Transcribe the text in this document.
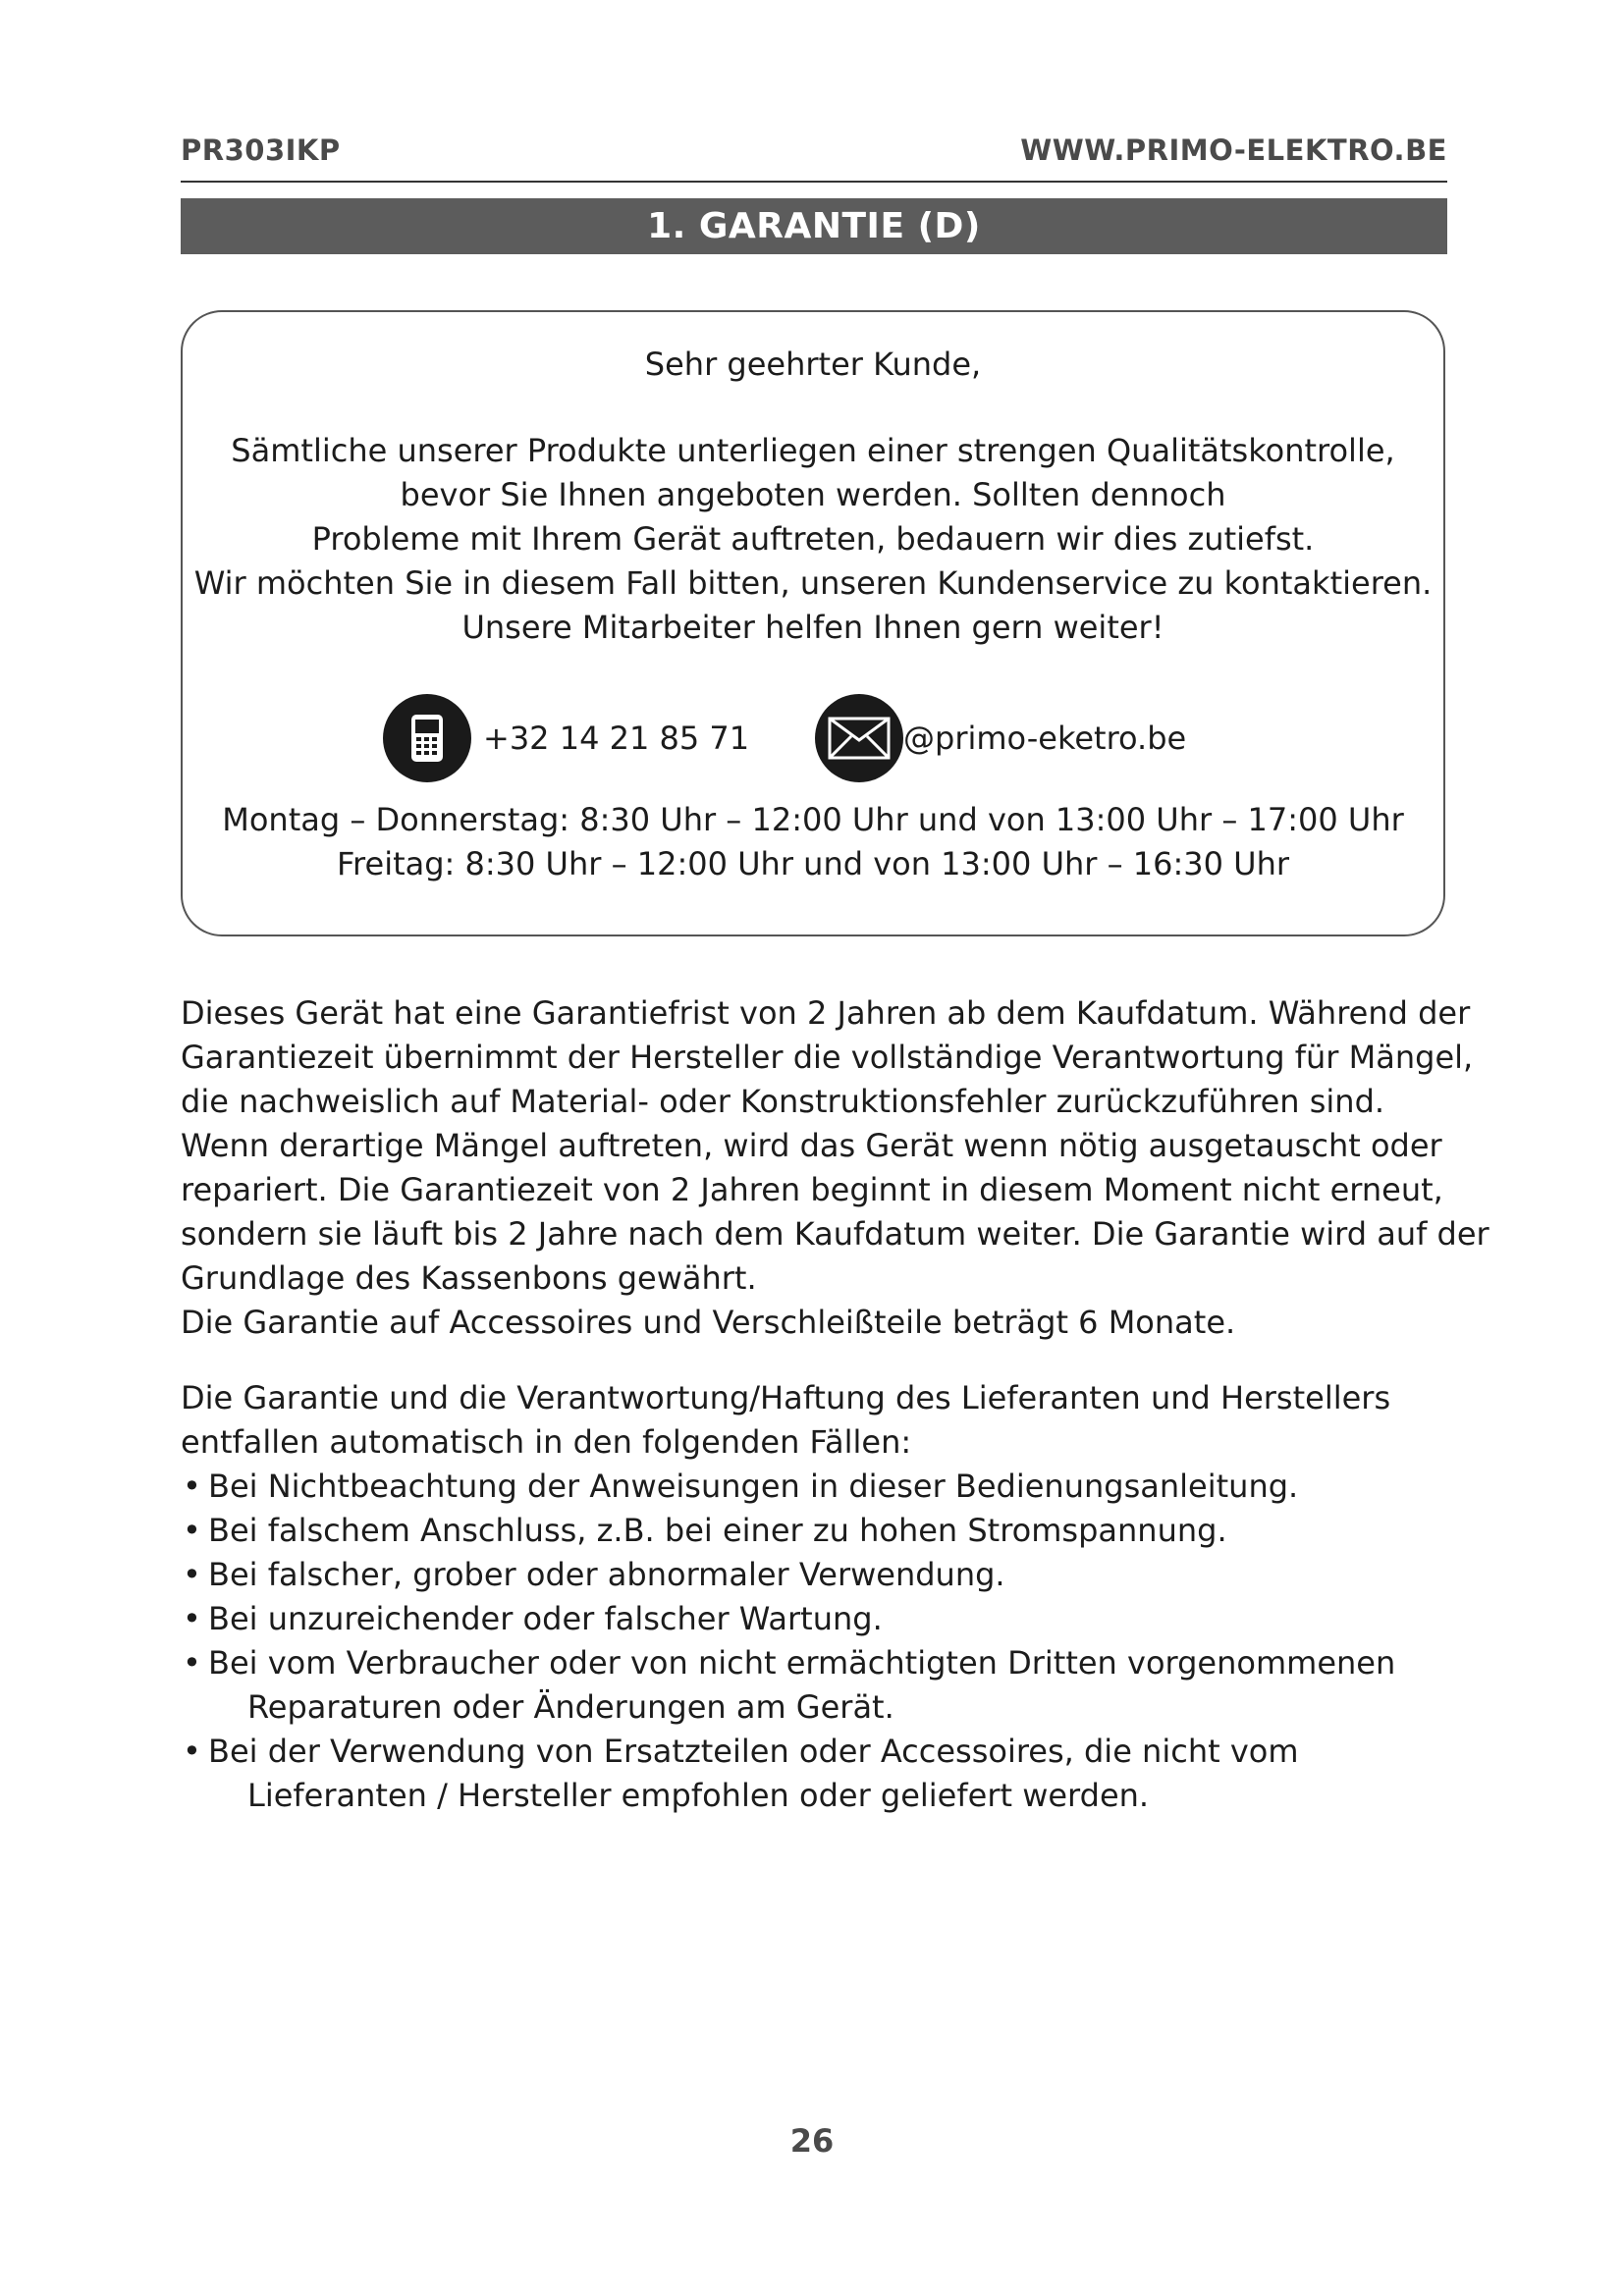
PR303IKP	WWW.PRIMO-ELEKTRO.BE
1. GARANTIE (D)
Sehr geehrter Kunde,
Sämtliche unserer Produkte unterliegen einer strengen Qualitätskontrolle,
bevor Sie Ihnen angeboten werden. Sollten dennoch
Probleme mit Ihrem Gerät auftreten, bedauern wir dies zutiefst.
Wir möchten Sie in diesem Fall bitten, unseren Kundenservice zu kontaktieren.
Unsere Mitarbeiter helfen Ihnen gern weiter!
+32 14 21 85 71	@primo-eketro.be
Montag – Donnerstag: 8:30 Uhr – 12:00 Uhr und von 13:00 Uhr – 17:00 Uhr
Freitag: 8:30 Uhr – 12:00 Uhr und von 13:00 Uhr – 16:30 Uhr

Dieses Gerät hat eine Garantiefrist von 2 Jahren ab dem Kaufdatum. Während der
Garantiezeit übernimmt der Hersteller die vollständige Verantwortung für Mängel,
die nachweislich auf Material- oder Konstruktionsfehler zurückzuführen sind.
Wenn derartige Mängel auftreten, wird das Gerät wenn nötig ausgetauscht oder
repariert. Die Garantiezeit von 2 Jahren beginnt in diesem Moment nicht erneut,
sondern sie läuft bis 2 Jahre nach dem Kaufdatum weiter. Die Garantie wird auf der
Grundlage des Kassenbons gewährt.
Die Garantie auf Accessoires und Verschleißteile beträgt 6 Monate.

Die Garantie und die Verantwortung/Haftung des Lieferanten und Herstellers
entfallen automatisch in den folgenden Fällen:

• Bei Nichtbeachtung der Anweisungen in dieser Bedienungsanleitung.
• Bei falschem Anschluss, z.B. bei einer zu hohen Stromspannung.
• Bei falscher, grober oder abnormaler Verwendung.
• Bei unzureichender oder falscher Wartung.
• Bei vom Verbraucher oder von nicht ermächtigten Dritten vorgenommenen
Reparaturen oder Änderungen am Gerät.
• Bei der Verwendung von Ersatzteilen oder Accessoires, die nicht vom
Lieferanten / Hersteller empfohlen oder geliefert werden.
26
